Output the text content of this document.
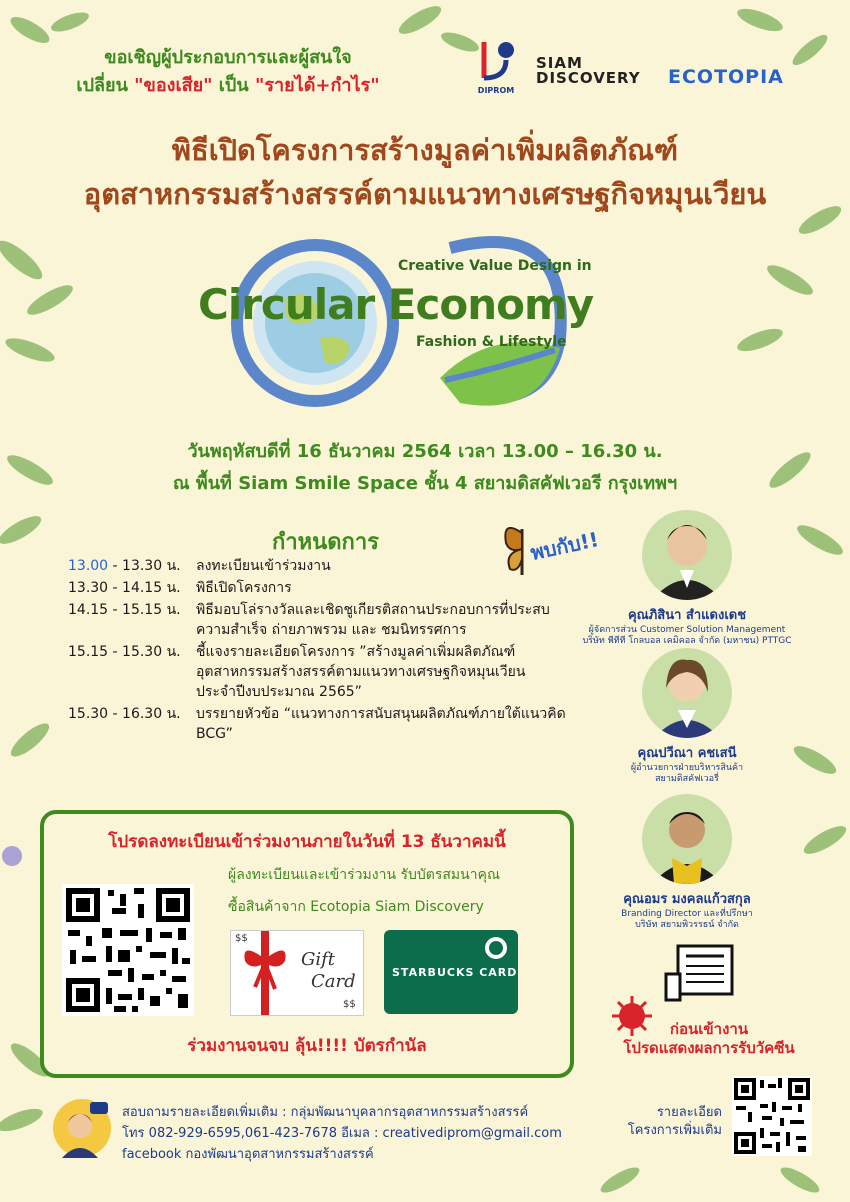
ขอเชิญผู้ประกอบการและผู้สนใจ
เปลี่ยน "ของเสีย" เป็น "รายได้+กำไร"	DIPROM
SIAM
DISCOVERY ECOTOPIA
พิธีเปิดโครงการสร้างมูลค่าเพิ่มผลิตภัณฑ์
อุตสาหกรรมสร้างสรรค์ตามแนวทางเศรษฐกิจหมุนเวียน
Creative Value Design in
Circular Economy
Fashion & Lifestyle
วันพฤหัสบดีที่ 16 ธันวาคม 2564 เวลา 13.00 – 16.30 น.
ณ พื้นที่ Siam Smile Space ชั้น 4 สยามดิสคัฟเวอรี กรุงเทพฯ
กำหนดการ
13.00 - 13.30 น.	ลงทะเบียนเข้าร่วมงาน
13.30 - 14.15 น.	พิธีเปิดโครงการ
14.15 - 15.15 น.	พิธีมอบโล่รางวัลและเชิดชูเกียรติสถานประกอบการที่ประสบความสำเร็จ ถ่ายภาพรวม และ ชมนิทรรศการ
15.15 - 15.30 น.	ชี้แจงรายละเอียดโครงการ ”สร้างมูลค่าเพิ่มผลิตภัณฑ์อุตสาหกรรมสร้างสรรค์ตามแนวทางเศรษฐกิจหมุนเวียน ประจำปีงบประมาณ 2565”
15.30 - 16.30 น.	บรรยายหัวข้อ “แนวทางการสนับสนุนผลิตภัณฑ์ภายใต้แนวคิด BCG”
พบกับ!!
คุณภิสินา สำแดงเดช
ผู้จัดการส่วน Customer Solution Management
บริษัท พีทีที โกลบอล เคมิคอล จำกัด (มหาชน) PTTGC
คุณปวีณา คชเสนี
ผู้อำนวยการฝ่ายบริหารสินค้า
สยามดิสคัฟเวอรี่
คุณอมร มงคลแก้วสกุล
Branding Director และที่ปรึกษา
บริษัท สยามพิวรรธน์ จำกัด
โปรดลงทะเบียนเข้าร่วมงานภายในวันที่ 13 ธันวาคมนี้
ผู้ลงทะเบียนและเข้าร่วมงาน รับบัตรสมนาคุณ
ซื้อสินค้าจาก Ecotopia Siam Discovery
$$
Gift
Card
$$
STARBUCKS CARD
ร่วมงานจนจบ ลุ้น!!!! บัตรกำนัล
ก่อนเข้างาน
โปรดแสดงผลการรับวัคซีน
สอบถามรายละเอียดเพิ่มเติม : กลุ่มพัฒนาบุคลากรอุตสาหกรรมสร้างสรรค์
โทร 082-929-6595,061-423-7678 อีเมล : creativediprom@gmail.com
facebook กองพัฒนาอุตสาหกรรมสร้างสรรค์
รายละเอียด
โครงการเพิ่มเติม
